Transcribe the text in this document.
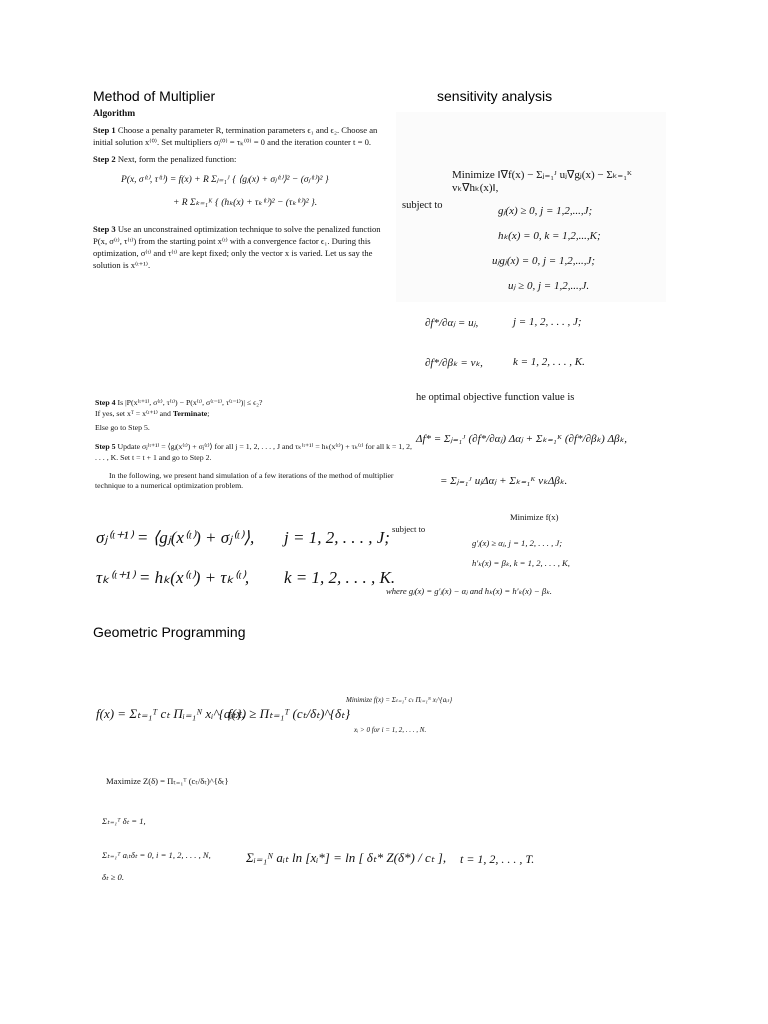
Method of Multiplier	sensitivity analysis
Geometric Programming
Algorithm
Step 1 Choose a penalty parameter R, termination parameters ϵ₁ and ϵ₂. Choose an initial solution x⁽⁰⁾. Set multipliers σⱼ⁽⁰⁾ = τₖ⁽⁰⁾ = 0 and the iteration counter t = 0.
Step 2 Next, form the penalized function:
P(x, σ⁽ᵗ⁾, τ⁽ᵗ⁾) = f(x) + R Σⱼ₌₁ᴶ { ⟨gⱼ(x) + σⱼ⁽ᵗ⁾⟩² − (σⱼ⁽ᵗ⁾)² }
+ R Σₖ₌₁ᴷ { (hₖ(x) + τₖ⁽ᵗ⁾)² − (τₖ⁽ᵗ⁾)² }.
Step 3 Use an unconstrained optimization technique to solve the penalized function P(x, σ⁽ᵗ⁾, τ⁽ᵗ⁾) from the starting point x⁽ᵗ⁾ with a convergence factor ϵ₁. During this optimization, σ⁽ᵗ⁾ and τ⁽ᵗ⁾ are kept fixed; only the vector x is varied. Let us say the solution is x⁽ᵗ⁺¹⁾.
Step 4 Is |P(x⁽ᵗ⁺¹⁾, σ⁽ᵗ⁾, τ⁽ᵗ⁾) − P(x⁽ᵗ⁾, σ⁽ᵗ⁻¹⁾, τ⁽ᵗ⁻¹⁾)| ≤ ϵ₂?
If yes, set xᵀ = x⁽ᵗ⁺¹⁾ and Terminate;
Else go to Step 5.
Step 5 Update σⱼ⁽ᵗ⁺¹⁾ = ⟨gⱼ(x⁽ᵗ⁾) + σⱼ⁽ᵗ⁾⟩ for all j = 1, 2, . . . , J and τₖ⁽ᵗ⁺¹⁾ = hₖ(x⁽ᵗ⁾) + τₖ⁽ᵗ⁾ for all k = 1, 2, . . . , K. Set t = t + 1 and go to Step 2.
In the following, we present hand simulation of a few iterations of the method of multiplier technique to a numerical optimization problem.
σⱼ⁽ᵗ⁺¹⁾ = ⟨gⱼ(x⁽ᵗ⁾) + σⱼ⁽ᵗ⁾⟩, j = 1, 2, . . . , J;
τₖ⁽ᵗ⁺¹⁾ = hₖ(x⁽ᵗ⁾) + τₖ⁽ᵗ⁾, k = 1, 2, . . . , K.
Minimize ‖∇f(x) − Σⱼ₌₁ᴶ uⱼ∇gⱼ(x) − Σₖ₌₁ᴷ vₖ∇hₖ(x)‖,
subject to	gⱼ(x) ≥ 0, j = 1,2,...,J;
hₖ(x) = 0, k = 1,2,...,K;
uⱼgⱼ(x) = 0, j = 1,2,...,J;
uⱼ ≥ 0, j = 1,2,...,J.
∂f*/∂αⱼ = uⱼ,	j = 1, 2, . . . , J;
∂f*/∂βₖ = vₖ,	k = 1, 2, . . . , K.
he optimal objective function value is
Δf* = Σⱼ₌₁ᴶ (∂f*/∂αⱼ) Δαⱼ + Σₖ₌₁ᴷ (∂f*/∂βₖ) Δβₖ,
= Σⱼ₌₁ᴶ uⱼΔαⱼ + Σₖ₌₁ᴷ vₖΔβₖ.
Minimize f(x)
subject to
g′ⱼ(x) ≥ αⱼ, j = 1, 2, . . . , J;
h′ₖ(x) = βₖ, k = 1, 2, . . . , K,
where gⱼ(x) = g′ⱼ(x) − αⱼ and hₖ(x) = h′ₖ(x) − βₖ.
f(x) = Σₜ₌₁ᵀ cₜ Πᵢ₌₁ᴺ xᵢ^{aᵢₜ},
f(x) ≥ Πₜ₌₁ᵀ (cₜ/δₜ)^{δₜ}
Minimize f(x) = Σₜ₌₁ᵀ cₜ Πᵢ₌₁ᴺ xᵢ^{aᵢₜ}
xᵢ > 0 for i = 1, 2, . . . , N.
Maximize Z(δ) = Πₜ₌₁ᵀ (cₜ/δₜ)^{δₜ}
Σₜ₌₁ᵀ δₜ = 1,
Σₜ₌₁ᵀ aᵢₜδₜ = 0, i = 1, 2, . . . , N,
δₜ ≥ 0.
Σᵢ₌₁ᴺ aᵢₜ ln [xᵢ*] = ln [ δₜ* Z(δ*) / cₜ ], t = 1, 2, . . . , T.
